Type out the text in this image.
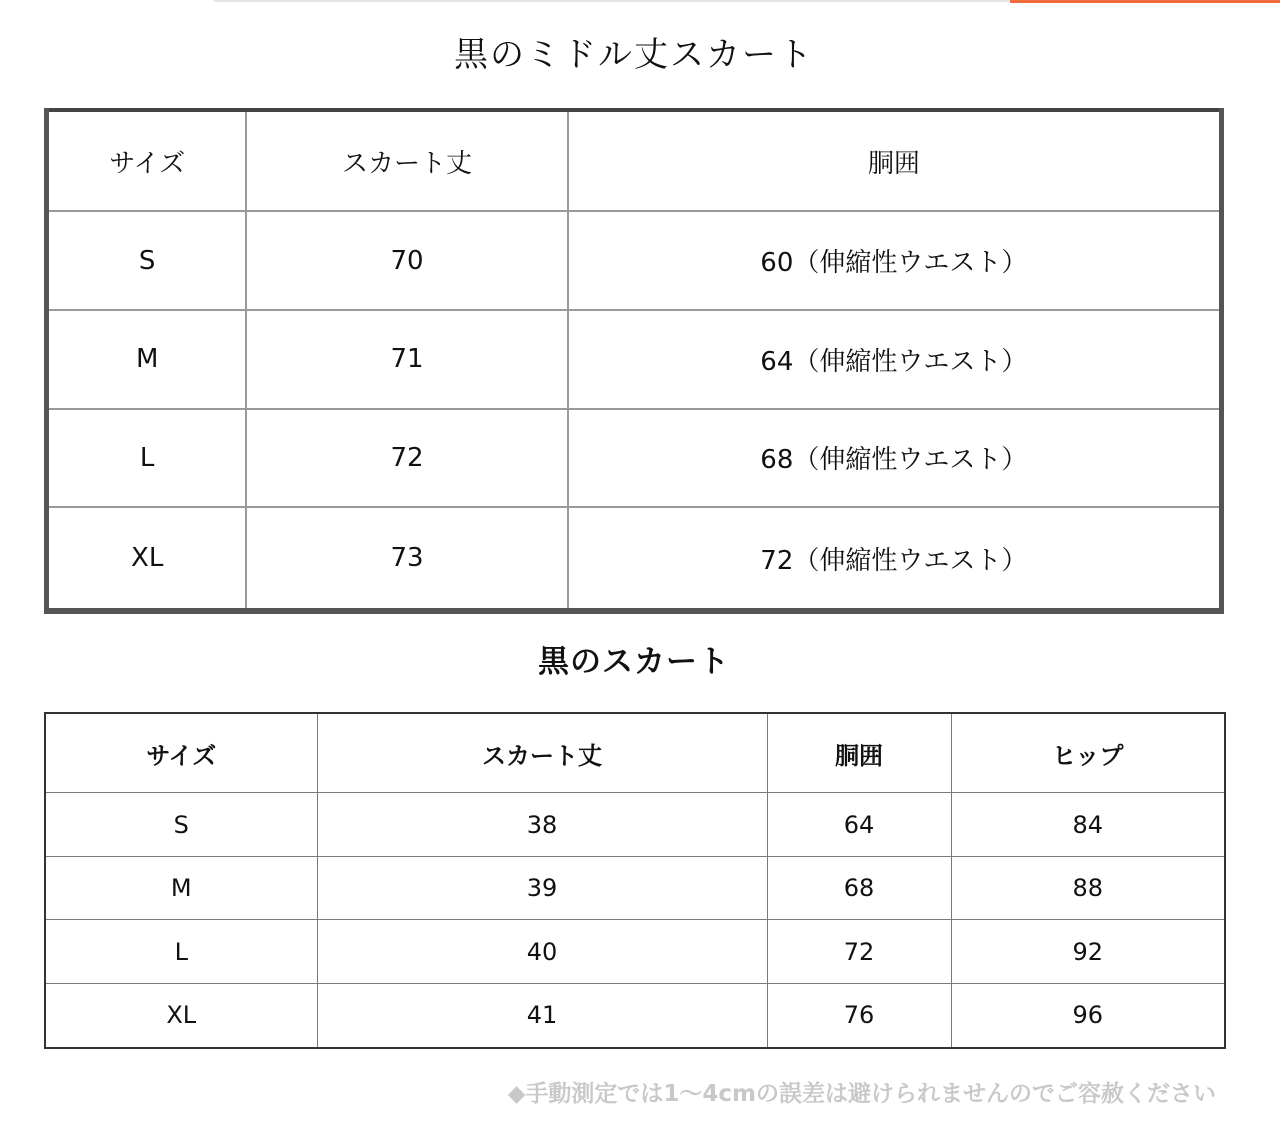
黒のミドル丈スカート
サイズ	スカート丈	胴囲
S	70	60（伸縮性ウエスト）
M	71	64（伸縮性ウエスト）
L	72	68（伸縮性ウエスト）
XL	73	72（伸縮性ウエスト）
黒のスカート
サイズ	スカート丈	胴囲	ヒップ
S	38	64	84
M	39	68	88
L	40	72	92
XL	41	76	96
◆手動測定では1〜4cmの誤差は避けられませんのでご容赦ください
